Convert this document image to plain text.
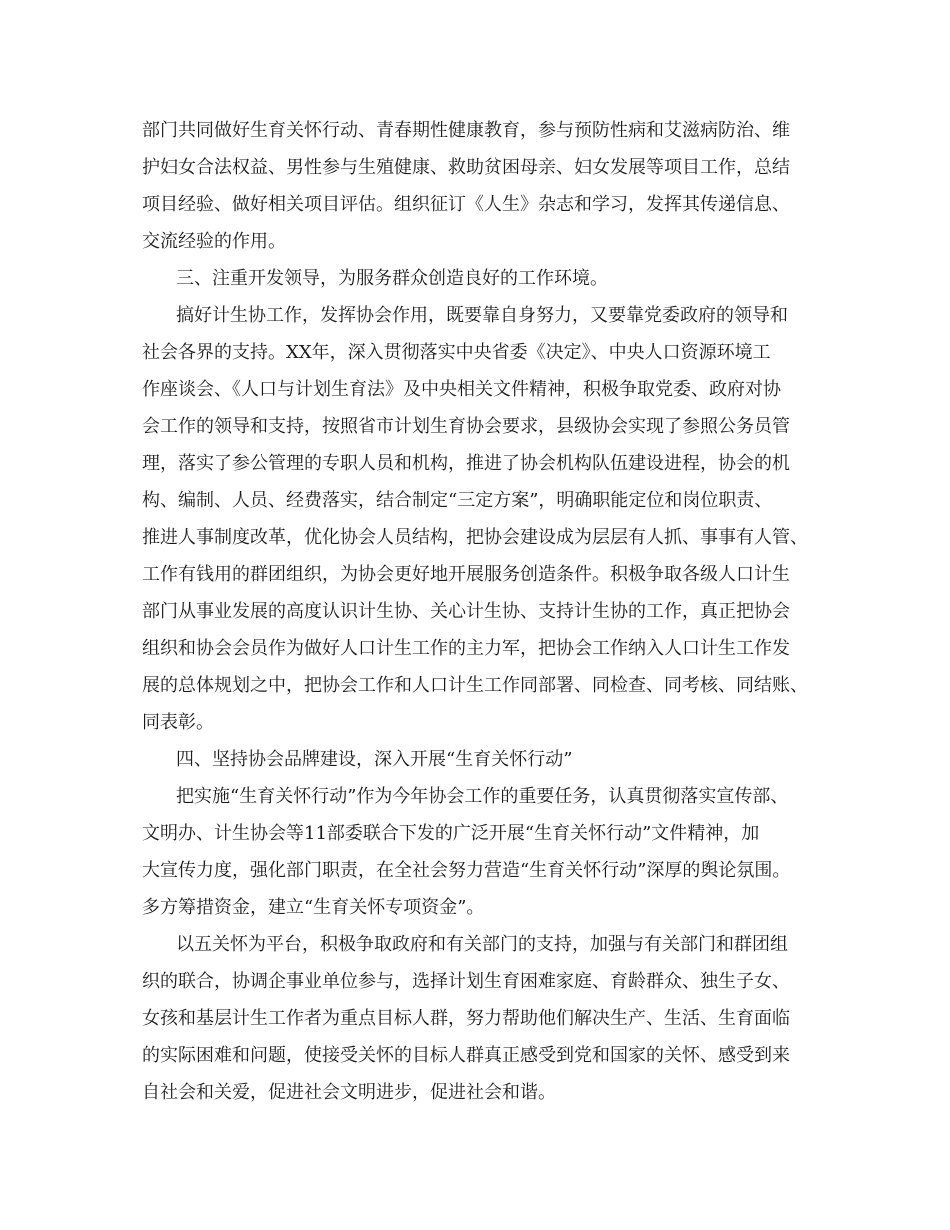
部门共同做好生育关怀行动、青春期性健康教育，参与预防性病和艾滋病防治、维
护妇女合法权益、男性参与生殖健康、救助贫困母亲、妇女发展等项目工作，总结
项目经验、做好相关项目评估。组织征订《人生》杂志和学习，发挥其传递信息、
交流经验的作用。
三、注重开发领导，为服务群众创造良好的工作环境。
搞好计生协工作，发挥协会作用，既要靠自身努力，又要靠党委政府的领导和
社会各界的支持。XX年，深入贯彻落实中央省委《决定》、中央人口资源环境工
作座谈会、《人口与计划生育法》及中央相关文件精神，积极争取党委、政府对协
会工作的领导和支持，按照省市计划生育协会要求，县级协会实现了参照公务员管
理，落实了参公管理的专职人员和机构，推进了协会机构队伍建设进程，协会的机
构、编制、人员、经费落实，结合制定“三定方案”，明确职能定位和岗位职责、
推进人事制度改革，优化协会人员结构，把协会建设成为层层有人抓、事事有人管、
工作有钱用的群团组织，为协会更好地开展服务创造条件。积极争取各级人口计生
部门从事业发展的高度认识计生协、关心计生协、支持计生协的工作，真正把协会
组织和协会会员作为做好人口计生工作的主力军，把协会工作纳入人口计生工作发
展的总体规划之中，把协会工作和人口计生工作同部署、同检查、同考核、同结账、
同表彰。
四、坚持协会品牌建设，深入开展“生育关怀行动”
把实施“生育关怀行动”作为今年协会工作的重要任务，认真贯彻落实宣传部、
文明办、计生协会等11部委联合下发的广泛开展“生育关怀行动”文件精神，加
大宣传力度，强化部门职责，在全社会努力营造“生育关怀行动”深厚的舆论氛围。
多方筹措资金，建立“生育关怀专项资金”。
以五关怀为平台，积极争取政府和有关部门的支持，加强与有关部门和群团组
织的联合，协调企事业单位参与，选择计划生育困难家庭、育龄群众、独生子女、
女孩和基层计生工作者为重点目标人群，努力帮助他们解决生产、生活、生育面临
的实际困难和问题，使接受关怀的目标人群真正感受到党和国家的关怀、感受到来
自社会和关爱，促进社会文明进步，促进社会和谐。
